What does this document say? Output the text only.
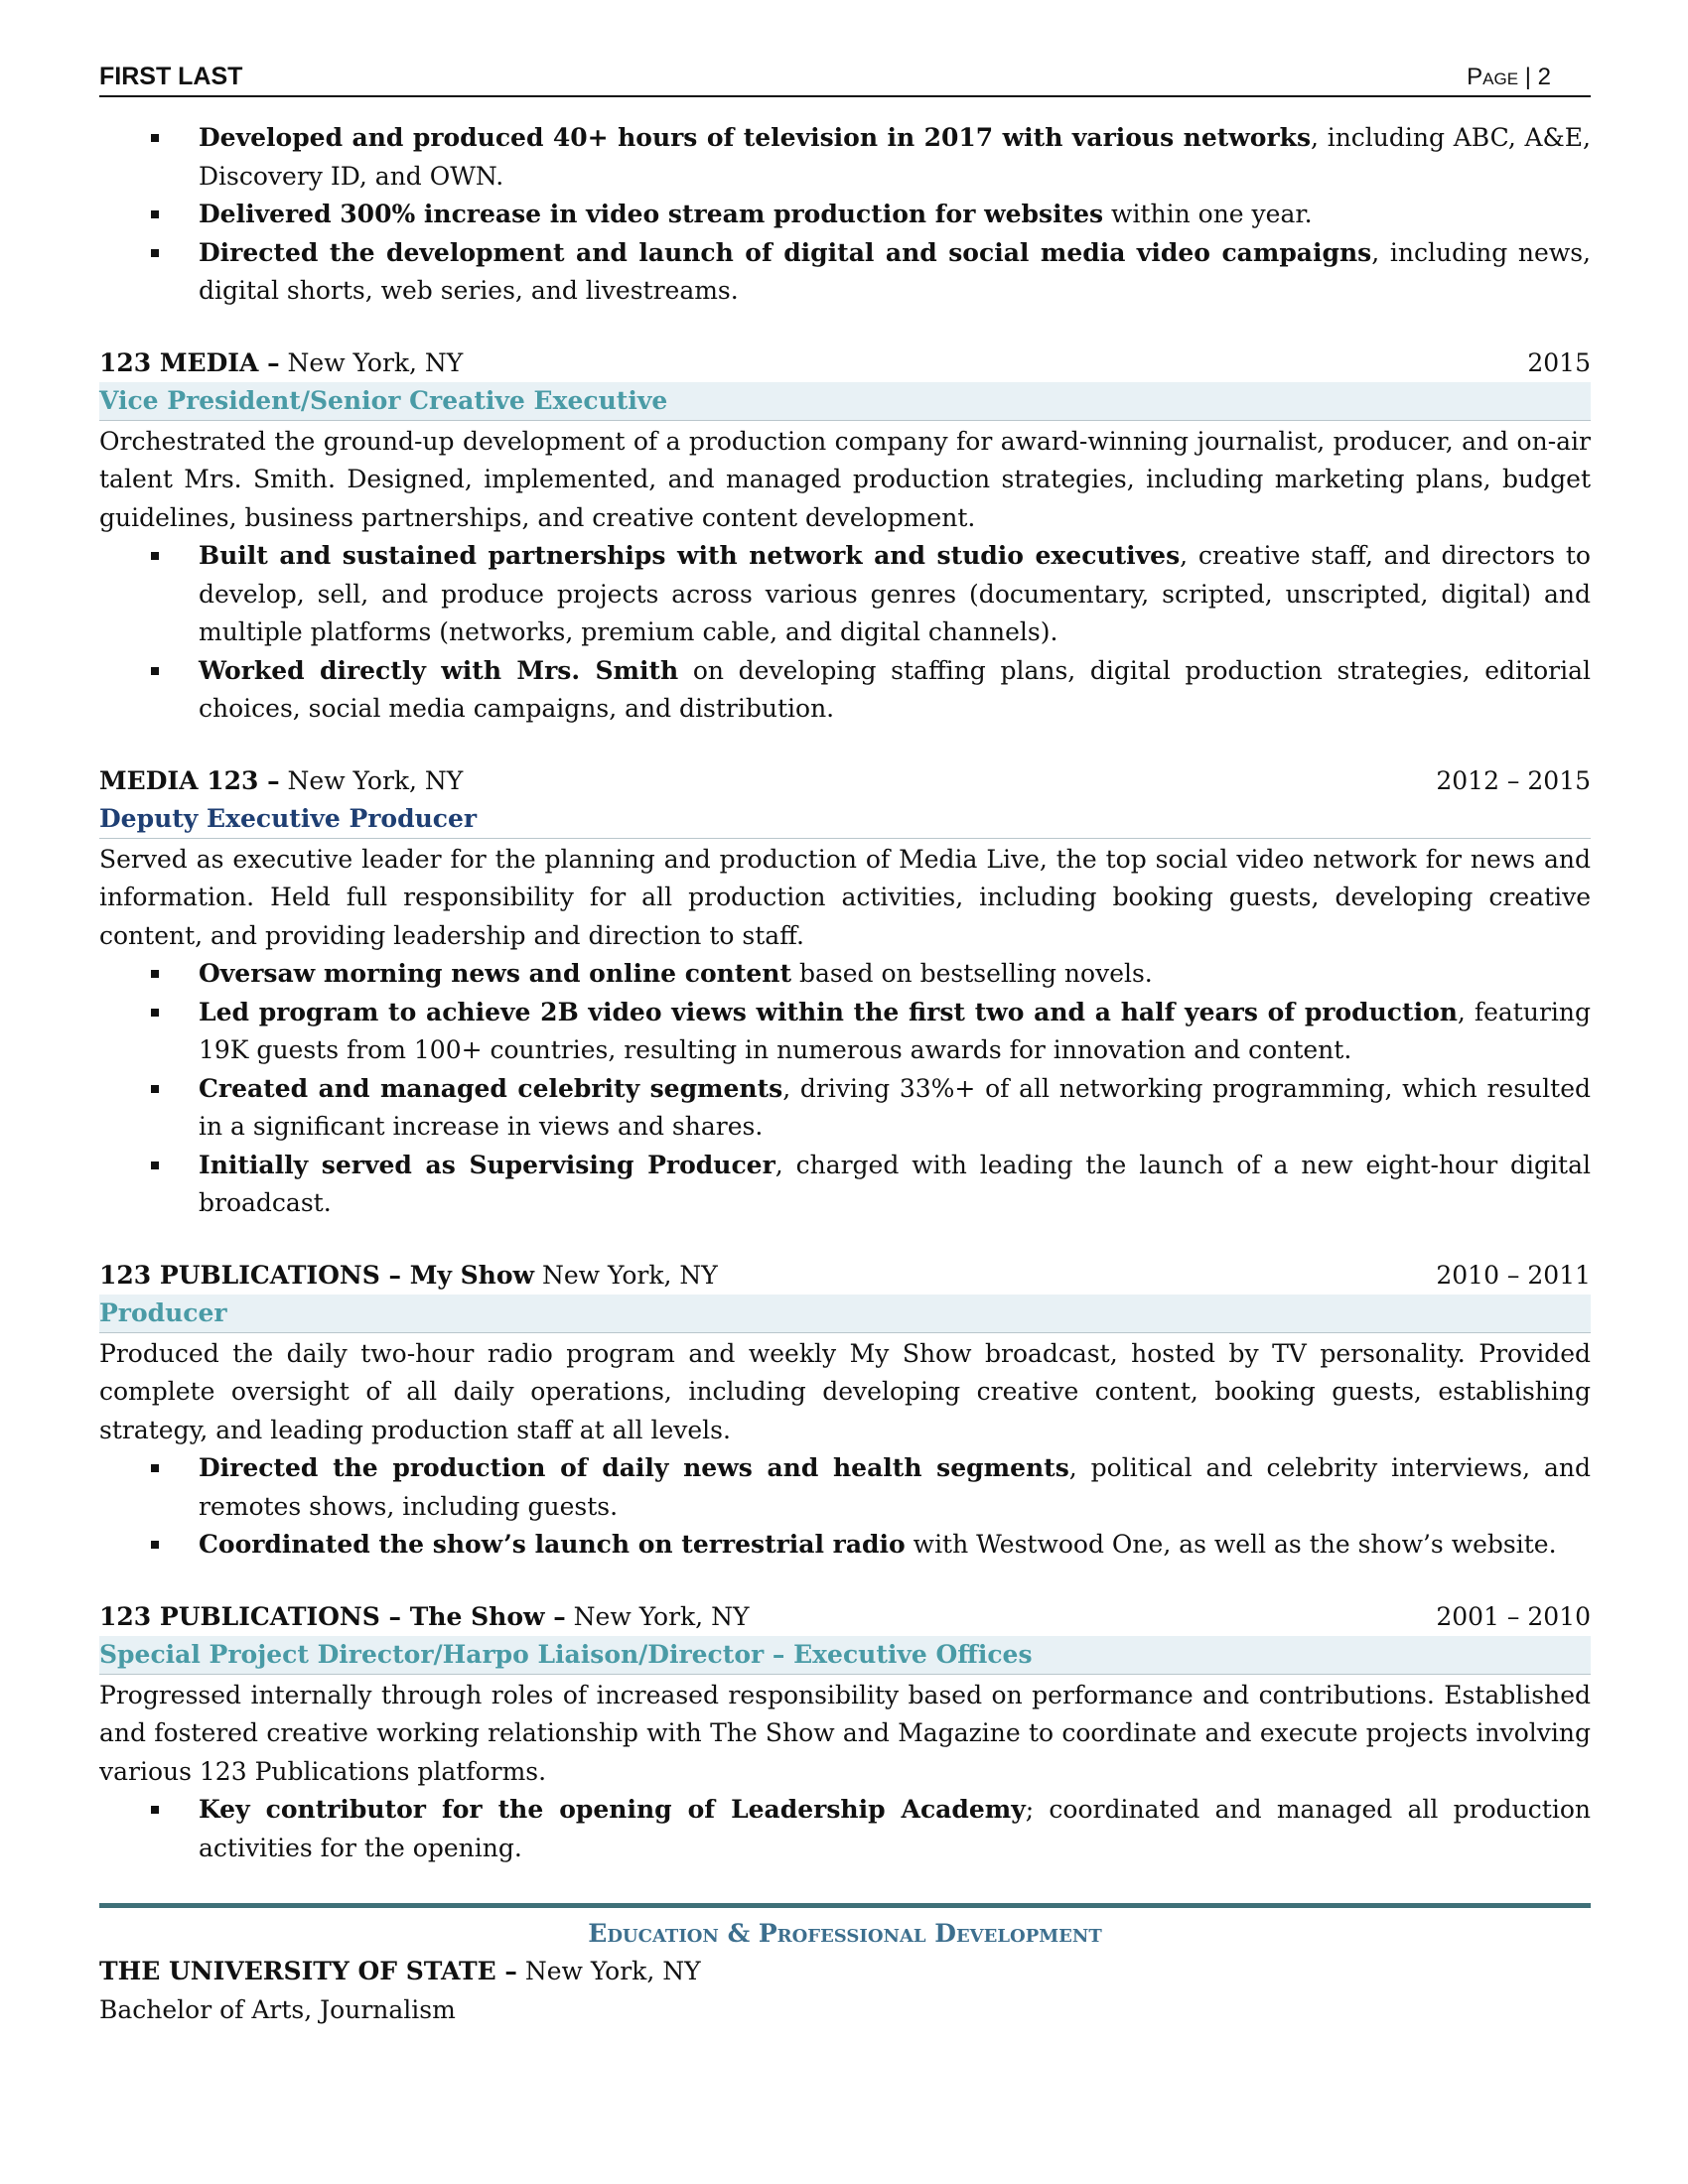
FIRST LAST	Page | 2
Developed and produced 40+ hours of television in 2017 with various networks, including ABC, A&E, Discovery ID, and OWN.
Delivered 300% increase in video stream production for websites within one year.
Directed the development and launch of digital and social media video campaigns, including news, digital shorts, web series, and livestreams.
123 MEDIA – New York, NY	2015
Vice President/Senior Creative Executive
Orchestrated the ground-up development of a production company for award-winning journalist, producer, and on-air talent Mrs. Smith. Designed, implemented, and managed production strategies, including marketing plans, budget guidelines, business partnerships, and creative content development.
Built and sustained partnerships with network and studio executives, creative staff, and directors to develop, sell, and produce projects across various genres (documentary, scripted, unscripted, digital) and multiple platforms (networks, premium cable, and digital channels).
Worked directly with Mrs. Smith on developing staffing plans, digital production strategies, editorial choices, social media campaigns, and distribution.
MEDIA 123 – New York, NY	2012 – 2015
Deputy Executive Producer
Served as executive leader for the planning and production of Media Live, the top social video network for news and information. Held full responsibility for all production activities, including booking guests, developing creative content, and providing leadership and direction to staff.
Oversaw morning news and online content based on bestselling novels.
Led program to achieve 2B video views within the first two and a half years of production, featuring 19K guests from 100+ countries, resulting in numerous awards for innovation and content.
Created and managed celebrity segments, driving 33%+ of all networking programming, which resulted in a significant increase in views and shares.
Initially served as Supervising Producer, charged with leading the launch of a new eight-hour digital broadcast.
123 PUBLICATIONS – My Show New York, NY	2010 – 2011
Producer
Produced the daily two-hour radio program and weekly My Show broadcast, hosted by TV personality. Provided complete oversight of all daily operations, including developing creative content, booking guests, establishing strategy, and leading production staff at all levels.
Directed the production of daily news and health segments, political and celebrity interviews, and remotes shows, including guests.
Coordinated the show’s launch on terrestrial radio with Westwood One, as well as the show’s website.
123 PUBLICATIONS – The Show – New York, NY	2001 – 2010
Special Project Director/Harpo Liaison/Director – Executive Offices
Progressed internally through roles of increased responsibility based on performance and contributions. Established and fostered creative working relationship with The Show and Magazine to coordinate and execute projects involving various 123 Publications platforms.
Key contributor for the opening of Leadership Academy; coordinated and managed all production activities for the opening.
Education & Professional Development
THE UNIVERSITY OF STATE – New York, NY
Bachelor of Arts, Journalism
